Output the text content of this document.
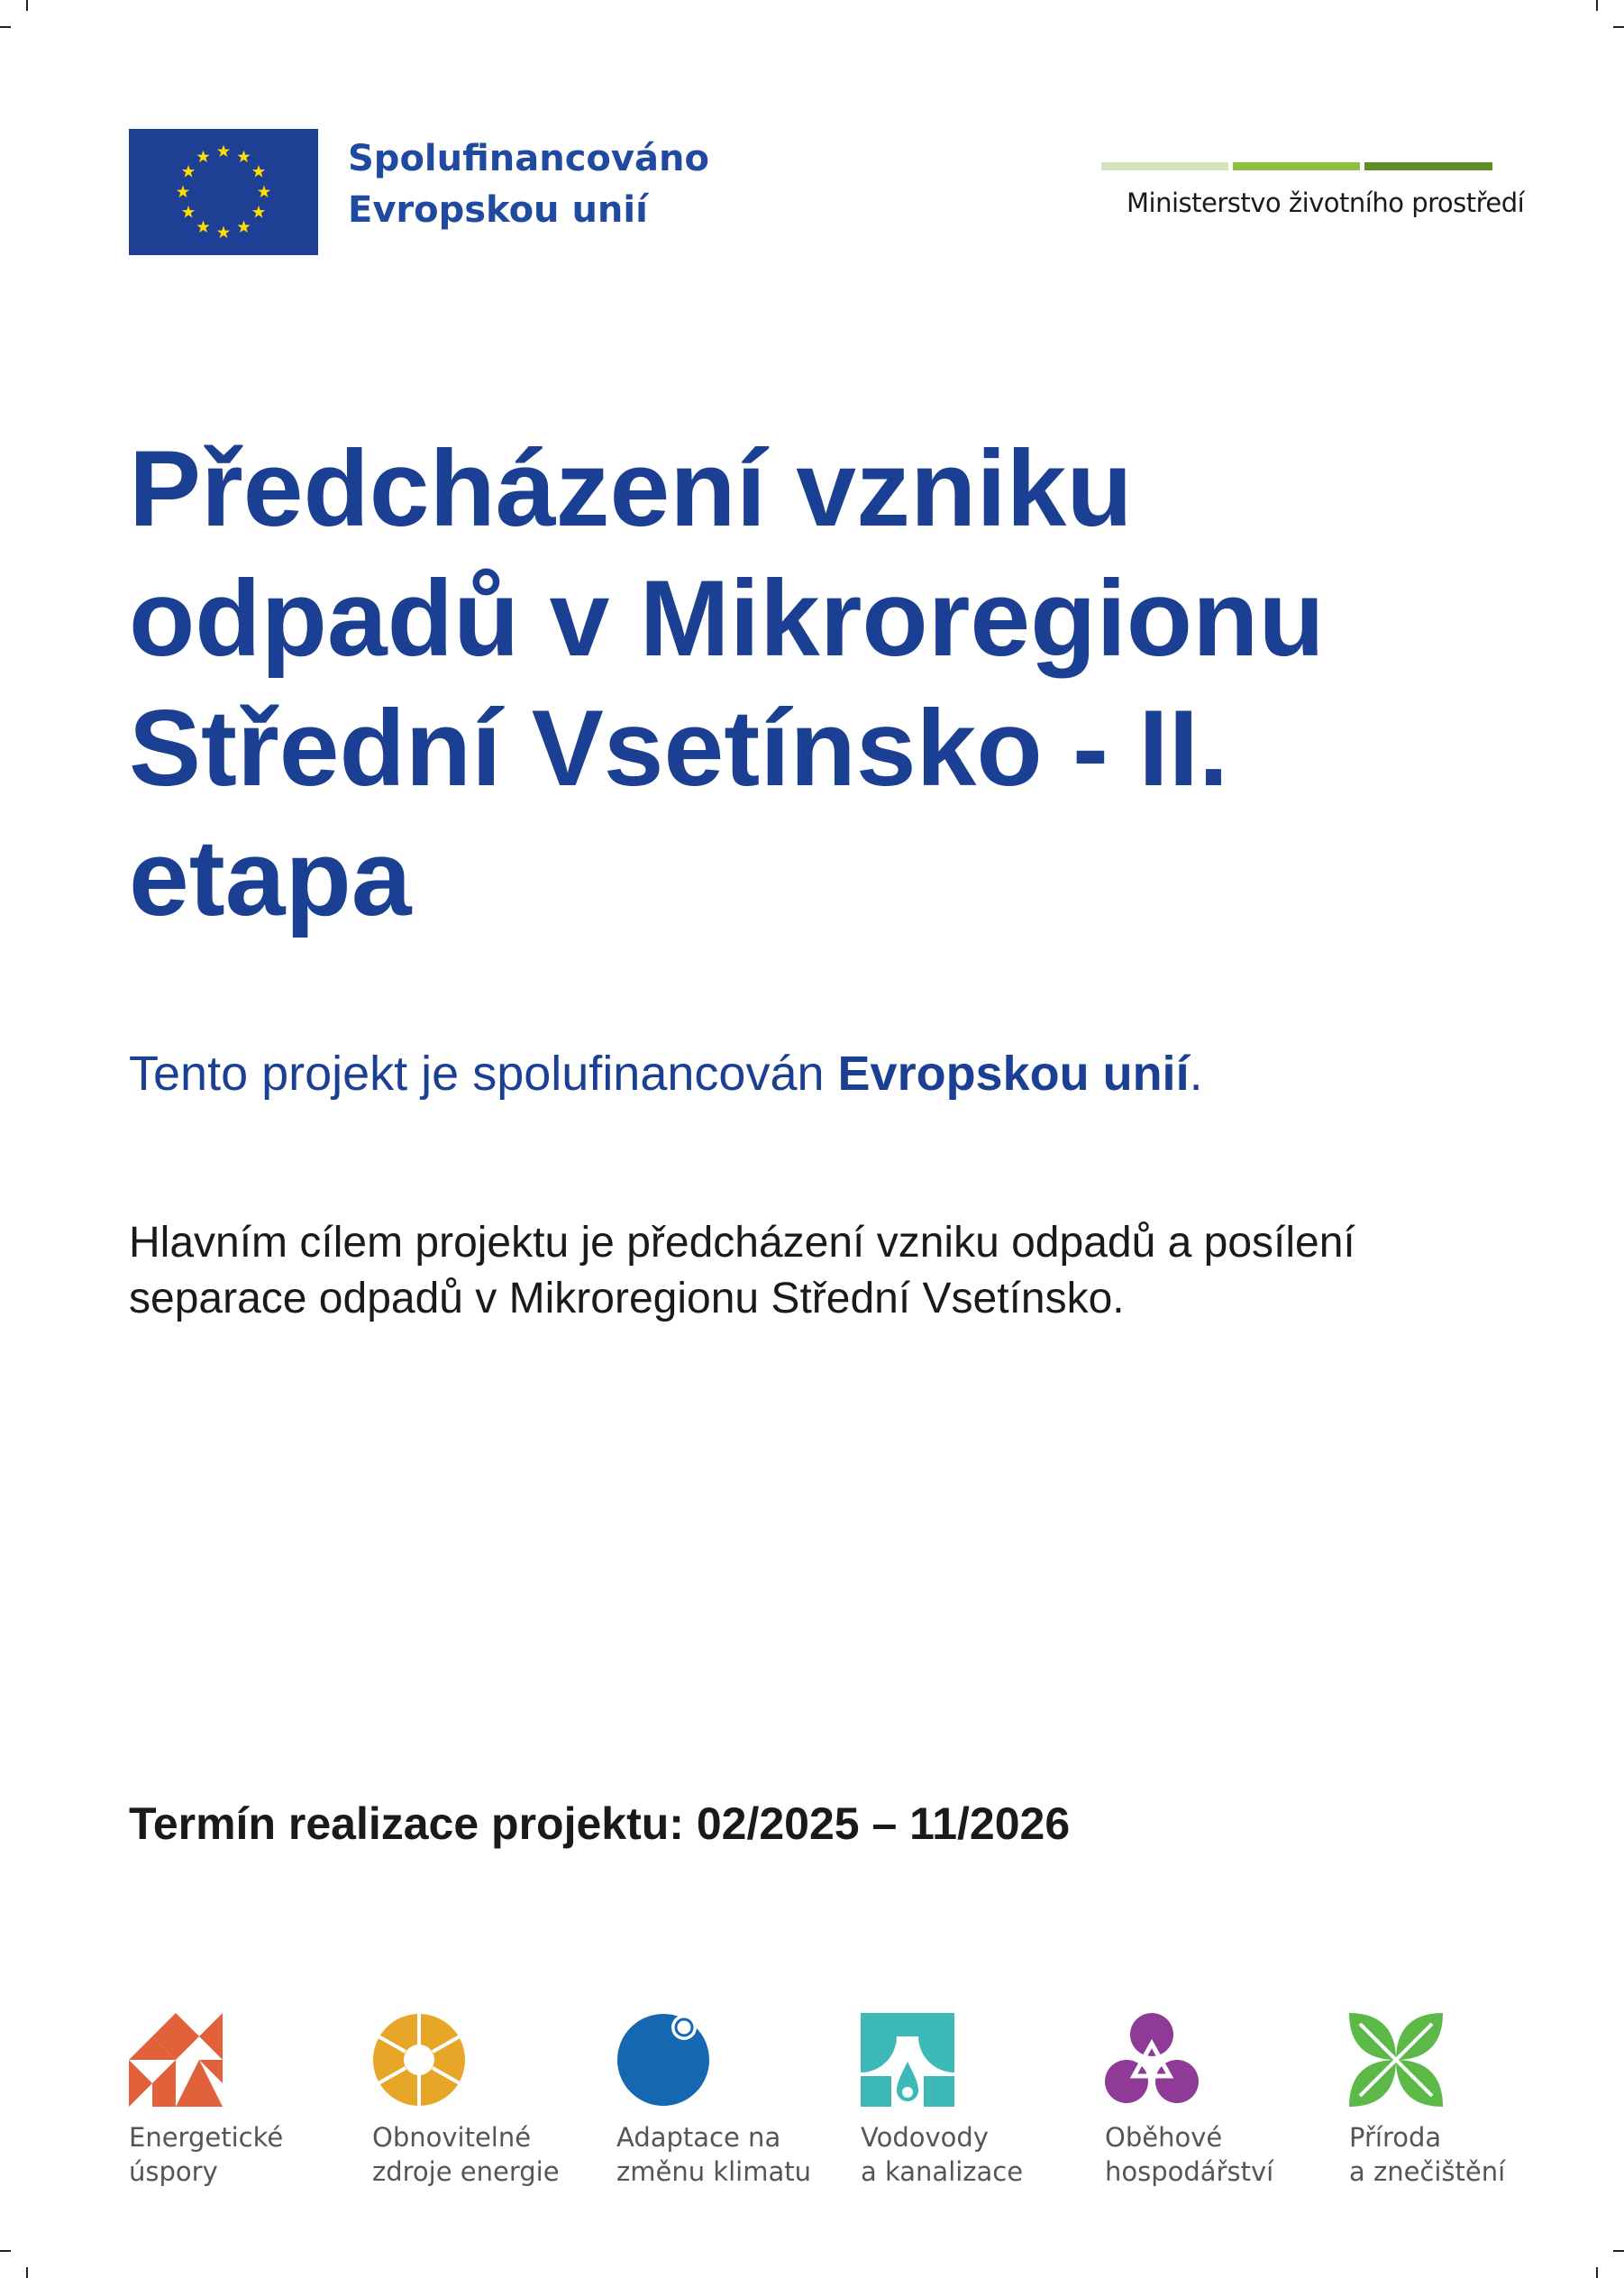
Spolufinancováno
Evropskou unií	Ministerstvo životního prostředí
Předcházení vzniku odpadů v Mikroregionu Střední Vsetínsko - II. etapa
Tento projekt je spolufinancován Evropskou unií.
Hlavním cílem projektu je předcházení vzniku odpadů a posílení separace odpadů v Mikroregionu Střední Vsetínsko.
Termín realizace projektu: 02/2025 – 11/2026
Energetické
úspory
Obnovitelné
zdroje energie
Adaptace na
změnu klimatu
Vodovody
a kanalizace
Oběhové
hospodářství
Příroda
a znečištění
